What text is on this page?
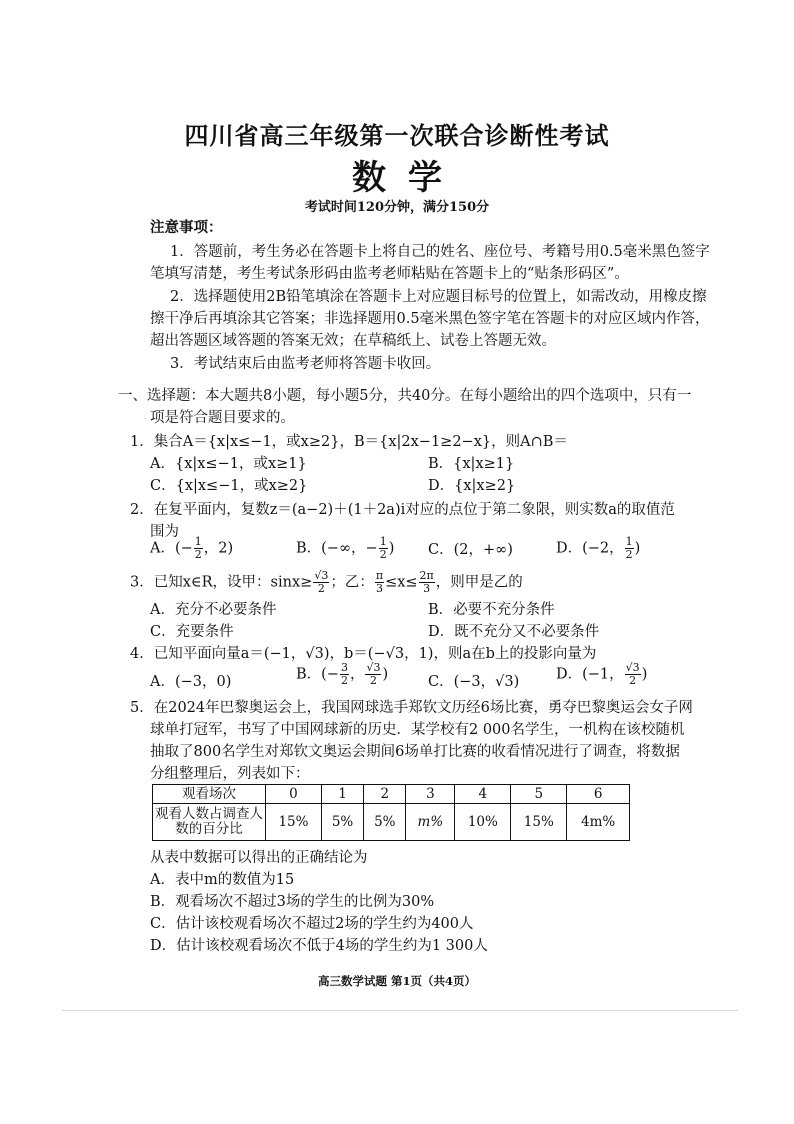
四川省高三年级第一次联合诊断性考试
数学
考试时间120分钟，满分150分
注意事项：
1．答题前，考生务必在答题卡上将自己的姓名、座位号、考籍号用0.5毫米黑色签字
笔填写清楚，考生考试条形码由监考老师粘贴在答题卡上的“贴条形码区”。
2．选择题使用2B铅笔填涂在答题卡上对应题目标号的位置上，如需改动，用橡皮擦
擦干净后再填涂其它答案；非选择题用0.5毫米黑色签字笔在答题卡的对应区域内作答，
超出答题区域答题的答案无效；在草稿纸上、试卷上答题无效。
3．考试结束后由监考老师将答题卡收回。
一、选择题：本大题共8小题，每小题5分，共40分。在每小题给出的四个选项中，只有一
项是符合题目要求的。
1．集合A＝{x|x≤−1，或x≥2}，B＝{x|2x−1≥2−x}，则A∩B＝
A．{x|x≤−1，或x≥1}	B．{x|x≥1}
C．{x|x≤−1，或x≥2}	D．{x|x≥2}
2．在复平面内，复数z＝(a−2)＋(1＋2a)i对应的点位于第二象限，则实数a的取值范
围为
A．(− $\frac{1}{2}$ ，2)	B．(−∞，− $\frac{1}{2}$ ) C．(2，+∞)	D．(−2， $\frac{1}{2}$ )
3．已知x∈R，设甲：$\sin x\ge \frac{√3}{2}$ ；乙： $\frac{\pi}{3} \le x\le \frac{2\pi}{3}$ ，则甲是乙的
A．充分不必要条件	B．必要不充分条件
C．充要条件	D．既不充分又不必要条件
4．已知平面向量a＝(−1，√3)，b＝(−√3，1)，则a在b上的投影向量为
A．(−3，0)	B．(− $\frac{3}{2}$ ， $\frac{√3}{2}$ )	C．(−3，√3)	D．(−1， $\frac{√3}{2}$ )
5．在2024年巴黎奥运会上，我国网球选手郑钦文历经6场比赛，勇夺巴黎奥运会女子网
球单打冠军，书写了中国网球新的历史．某学校有2 000名学生，一机构在该校随机
抽取了800名学生对郑钦文奥运会期间6场单打比赛的收看情况进行了调查，将数据
分组整理后，列表如下：
观看场次	0	1	2	3	4	5	6
观看人数占调查人数的百分比	15%	5%	5%	m%	10%	15%	4m%
从表中数据可以得出的正确结论为
A．表中m的数值为15
B．观看场次不超过3场的学生的比例为30%
C．估计该校观看场次不超过2场的学生约为400人
D．估计该校观看场次不低于4场的学生约为1 300人
高三数学试题 第1页（共4页）
